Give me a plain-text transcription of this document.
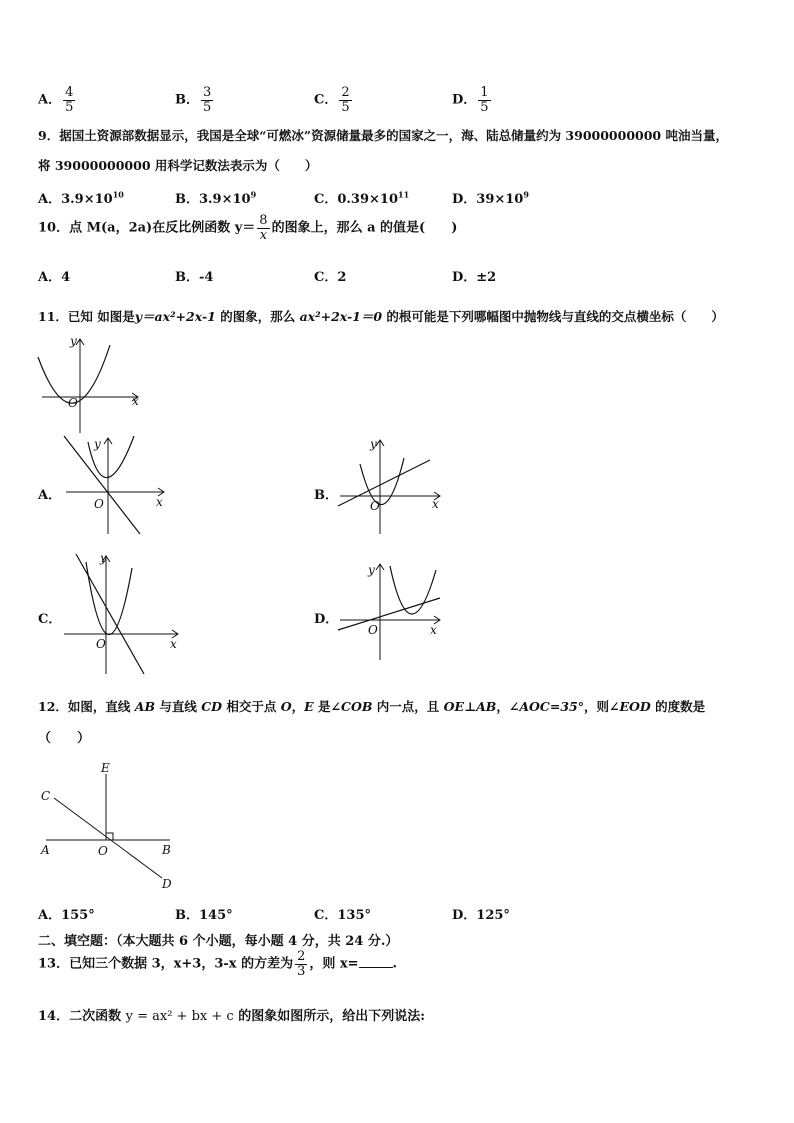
A． $\frac{4}{5}$	B． $\frac{3}{5}$	C． $\frac{2}{5}$	D． $\frac{1}{5}$
9．据国土资源部数据显示，我国是全球“可燃冰”资源储量最多的国家之一，海、陆总储量约为 39000000000 吨油当量，
将 39000000000 用科学记数法表示为（　　）
A．$3.9\times 10^{10}$	B．$3.9\times 10^9$	C．$0.39\times 10^{11}$	D．$39\times 10^9$
10．点 M(a，2a)在反比例函数 $y= \frac{8}{x}$ 的图象上，那么 a 的值是(　　)
A．4	B．-4	C．2	D．±2
11．已知 如图是y＝ax²+2x-1 的图象，那么 ax²+2x-1＝0 的根可能是下列哪幅图中抛物线与直线的交点横坐标（　　）
x
y
O
A．	x
y
O
B．
x
y
O
C．
x
y
O
D．
x
y
O
12．如图，直线 AB 与直线 CD 相交于点 O，E 是∠COB 内一点，且 OE⊥AB，∠AOC=35°，则∠EOD 的度数是
（　　）
E
C
A	O	B
D
A．155°	B．145°	C．135°	D．125°
二、填空题：（本大题共 6 个小题，每小题 4 分，共 24 分.）
13．已知三个数据 3，x+3，3-x 的方差为 $\frac{2}{3}$ ，则 x=	.
14．二次函数 y = ax² + bx + c 的图象如图所示，给出下列说法:
